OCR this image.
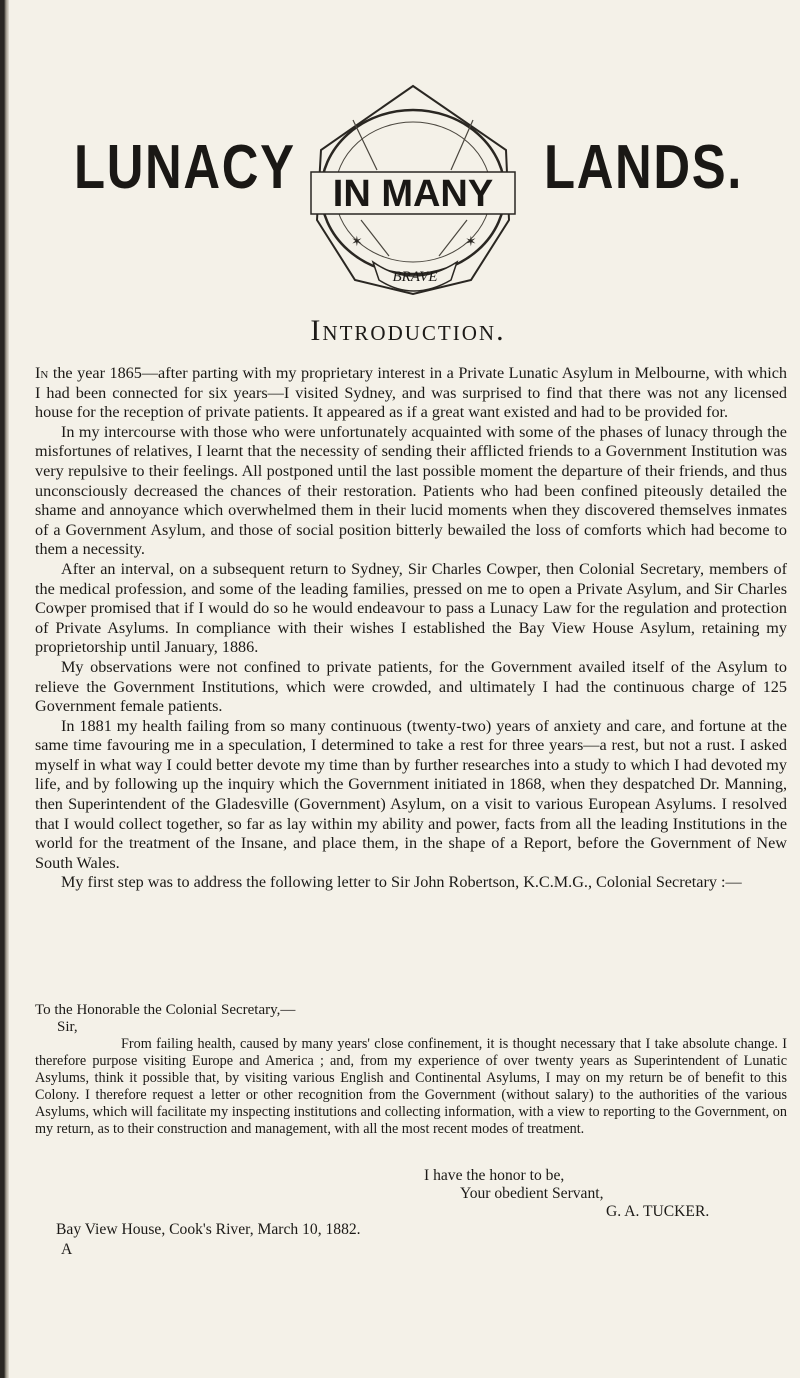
LUNACY IN MANY
BRAVE
✶	✶
LANDS.
Introduction.

In the year 1865—after parting with my proprietary interest in a Private Lunatic Asylum in Melbourne, with which I had been connected for six years—I visited Sydney, and was surprised to find that there was not any licensed house for the reception of private patients. It appeared as if a great want existed and had to be provided for.

In my intercourse with those who were unfortunately acquainted with some of the phases of lunacy through the misfortunes of relatives, I learnt that the necessity of sending their afflicted friends to a Government Institution was very repulsive to their feelings. All postponed until the last possible moment the departure of their friends, and thus unconsciously decreased the chances of their restoration. Patients who had been confined piteously detailed the shame and annoyance which overwhelmed them in their lucid moments when they discovered themselves inmates of a Government Asylum, and those of social position bitterly bewailed the loss of comforts which had become to them a necessity.

After an interval, on a subsequent return to Sydney, Sir Charles Cowper, then Colonial Secretary, members of the medical profession, and some of the leading families, pressed on me to open a Private Asylum, and Sir Charles Cowper promised that if I would do so he would endeavour to pass a Lunacy Law for the regulation and protection of Private Asylums. In compliance with their wishes I established the Bay View House Asylum, retaining my proprietorship until January, 1886.

My observations were not confined to private patients, for the Government availed itself of the Asylum to relieve the Government Institutions, which were crowded, and ultimately I had the continuous charge of 125 Government female patients.

In 1881 my health failing from so many continuous (twenty-two) years of anxiety and care, and fortune at the same time favouring me in a speculation, I determined to take a rest for three years—a rest, but not a rust. I asked myself in what way I could better devote my time than by further researches into a study to which I had devoted my life, and by following up the inquiry which the Government initiated in 1868, when they despatched Dr. Manning, then Superintendent of the Gladesville (Government) Asylum, on a visit to various European Asylums. I resolved that I would collect together, so far as lay within my ability and power, facts from all the leading Institutions in the world for the treatment of the Insane, and place them, in the shape of a Report, before the Government of New South Wales.

My first step was to address the following letter to Sir John Robertson, K.C.M.G., Colonial Secretary :—

To the Honorable the Colonial Secretary,—

Sir,

From failing health, caused by many years' close confinement, it is thought necessary that I take absolute change. I therefore purpose visiting Europe and America ; and, from my experience of over twenty years as Superintendent of Lunatic Asylums, think it possible that, by visiting various English and Continental Asylums, I may on my return be of benefit to this Colony. I therefore request a letter or other recognition from the Government (without salary) to the authorities of the various Asylums, which will facilitate my inspecting institutions and collecting information, with a view to reporting to the Government, on my return, as to their construction and management, with all the most recent modes of treatment.

I have the honor to be,
Your obedient Servant,
G. A. TUCKER.
Bay View House, Cook's River, March 10, 1882.
A
